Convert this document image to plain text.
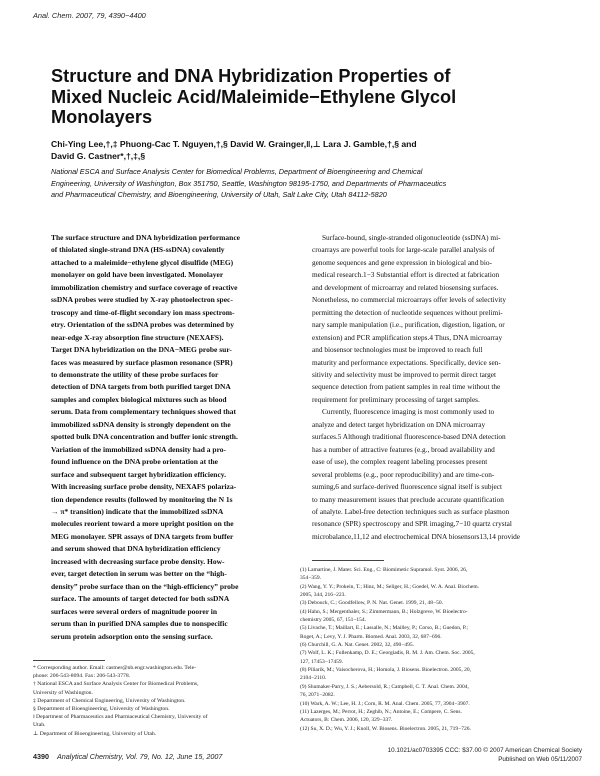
Anal. Chem. 2007, 79, 4390−4400
Structure and DNA Hybridization Properties of
Mixed Nucleic Acid/Maleimide−Ethylene Glycol
Monolayers
Chi-Ying Lee,†,‡ Phuong-Cac T. Nguyen,†,§ David W. Grainger,‖,⊥ Lara J. Gamble,†,§ and
David G. Castner*,†,‡,§
National ESCA and Surface Analysis Center for Biomedical Problems, Department of Bioengineering and Chemical
Engineering, University of Washington, Box 351750, Seattle, Washington 98195-1750, and Departments of Pharmaceutics
and Pharmaceutical Chemistry, and Bioengineering, University of Utah, Salt Lake City, Utah 84112-5820
The surface structure and DNA hybridization performance
of thiolated single-strand DNA (HS-ssDNA) covalently
attached to a maleimide−ethylene glycol disulfide (MEG)
monolayer on gold have been investigated. Monolayer
immobilization chemistry and surface coverage of reactive
ssDNA probes were studied by X-ray photoelectron spec-
troscopy and time-of-flight secondary ion mass spectrom-
etry. Orientation of the ssDNA probes was determined by
near-edge X-ray absorption fine structure (NEXAFS).
Target DNA hybridization on the DNA−MEG probe sur-
faces was measured by surface plasmon resonance (SPR)
to demonstrate the utility of these probe surfaces for
detection of DNA targets from both purified target DNA
samples and complex biological mixtures such as blood
serum. Data from complementary techniques showed that
immobilized ssDNA density is strongly dependent on the
spotted bulk DNA concentration and buffer ionic strength.
Variation of the immobilized ssDNA density had a pro-
found influence on the DNA probe orientation at the
surface and subsequent target hybridization efficiency.
With increasing surface probe density, NEXAFS polariza-
tion dependence results (followed by monitoring the N 1s
→ π* transition) indicate that the immobilized ssDNA
molecules reorient toward a more upright position on the
MEG monolayer. SPR assays of DNA targets from buffer
and serum showed that DNA hybridization efficiency
increased with decreasing surface probe density. How-
ever, target detection in serum was better on the “high-
density” probe surface than on the “high-efficiency” probe
surface. The amounts of target detected for both ssDNA
surfaces were several orders of magnitude poorer in
serum than in purified DNA samples due to nonspecific
serum protein adsorption onto the sensing surface.
Surface-bound, single-stranded oligonucleotide (ssDNA) mi-
croarrays are powerful tools for large-scale parallel analysis of
genome sequences and gene expression in biological and bio-
medical research.1−3 Substantial effort is directed at fabrication
and development of microarray and related biosensing surfaces.
Nonetheless, no commercial microarrays offer levels of selectivity
permitting the detection of nucleotide sequences without prelimi-
nary sample manipulation (i.e., purification, digestion, ligation, or
extension) and PCR amplification steps.4 Thus, DNA microarray
and biosensor technologies must be improved to reach full
maturity and performance expectations. Specifically, device sen-
sitivity and selectivity must be improved to permit direct target
sequence detection from patient samples in real time without the
requirement for preliminary processing of target samples.
Currently, fluorescence imaging is most commonly used to
analyze and detect target hybridization on DNA microarray
surfaces.5 Although traditional fluorescence-based DNA detection
has a number of attractive features (e.g., broad availability and
ease of use), the complex reagent labeling processes present
several problems (e.g., poor reproducibility) and are time-con-
suming,6 and surface-derived fluorescence signal itself is subject
to many measurement issues that preclude accurate quantification
of analyte. Label-free detection techniques such as surface plasmon
resonance (SPR) spectroscopy and SPR imaging,7−10 quartz crystal
microbalance,11,12 and electrochemical DNA biosensors13,14 provide
* Corresponding author. Email: castner@nb.engr.washington.edu. Tele-
phone: 206-543-8094. Fax: 206-543-3778.
† National ESCA and Surface Analysis Center for Biomedical Problems,
University of Washington.
‡ Department of Chemical Engineering, University of Washington.
§ Department of Bioengineering, University of Washington.
‖ Department of Pharmaceutics and Pharmaceutical Chemistry, University of
Utah.
⊥ Department of Bioengineering, University of Utah.
(1) Lamartine, J. Mater. Sci. Eng., C: Biomimetic Supramol. Syst. 2006, 26,
354−359.
(2) Wang, Y. Y.; Prokein, T.; Hinz, M.; Seliger, H.; Goedel, W. A. Anal. Biochem.
2005, 344, 216−223.
(3) Debouck, C.; Goodfellow, P. N. Nat. Genet. 1999, 21, 48−50.
(4) Hahn, S.; Mergenthaler, S.; Zimmermann, B.; Holzgreve, W. Bioelectro-
chemistry 2005, 67, 151−154.
(5) Livache, T.; Maillart, E.; Lassalle, N.; Mailley, P.; Corso, B.; Guedon, P.;
Roget, A.; Levy, Y. J. Pharm. Biomed. Anal. 2003, 32, 687−696.
(6) Churchill, G. A. Nat. Genet. 2002, 32, 490−495.
(7) Wolf, L. K.; Fullenkamp, D. E.; Georgiadis, R. M. J. Am. Chem. Soc. 2005,
127, 17453−17459.
(8) Piliarik, M.; Vaisocherova, H.; Homola, J. Biosens. Bioelectron. 2005, 20,
2104−2110.
(9) Shumaker-Parry, J. S.; Aebersold, R.; Campbell, C. T. Anal. Chem. 2004,
76, 2071−2082.
(10) Wark, A. W.; Lee, H. J.; Corn, R. M. Anal. Chem. 2005, 77, 3904−3907.
(11) Lazerges, M.; Perrot, H.; Zeghib, N.; Antoine, E.; Compere, C. Sens.
Actuators, B: Chem. 2006, 120, 329−337.
(12) Su, X. D.; Wu, Y. J.; Knoll, W. Biosens. Bioelectron. 2005, 21, 719−726.
4390 Analytical Chemistry, Vol. 79, No. 12, June 15, 2007
10.1021/ac0703395 CCC: $37.00 © 2007 American Chemical Society
Published on Web 05/11/2007
